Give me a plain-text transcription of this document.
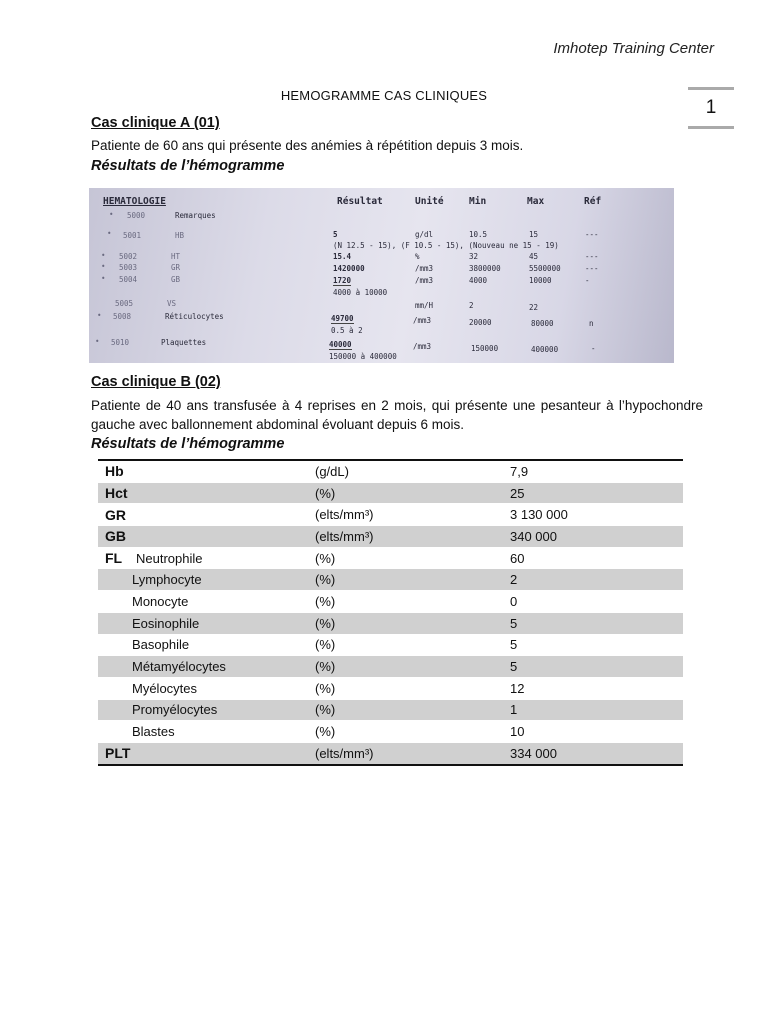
Imhotep Training Center
1
HEMOGRAMME CAS CLINIQUES
Cas clinique A (01)
Patiente de 60 ans qui présente des anémies à répétition depuis 3 mois.
Résultats de l’hémogramme
HEMATOLOGIE	Résultat	Unité	Min	Max	Réf
• 5000	Remarques
• 5001	HB	5	g/dl	10.5	15	---
(N 12.5 - 15), (F 10.5 - 15), (Nouveau ne 15 - 19)
• 5002	HT	15.4	%	32	45	---
• 5003	GR	1420000	/mm3	3800000	5500000	---
• 5004	GB	1720	/mm3	4000	10000	-
4000 à 10000
5005	VS	mm/H	2	22
• 5008	Réticulocytes	49700	/mm3	20000	80000	n
0.5 à 2
• 5010	Plaquettes	40000	/mm3	150000	400000	-
150000 à 400000
Cas clinique B (02)
Patiente de 40 ans transfusée à 4 reprises en 2 mois, qui présente une pesanteur à l’hypochondre gauche avec ballonnement abdominal évoluant depuis 6 mois.
Résultats de l’hémogramme
Hb	(g/dL)	7,9
Hct	(%)	25
GR	(elts/mm³)	3 130 000
GB	(elts/mm³)	340 000
FL Neutrophile	(%)	60
Lymphocyte	(%)	2
Monocyte	(%)	0
Eosinophile	(%)	5
Basophile	(%)	5
Métamyélocytes	(%)	5
Myélocytes	(%)	12
Promyélocytes	(%)	1
Blastes	(%)	10
PLT	(elts/mm³)	334 000
